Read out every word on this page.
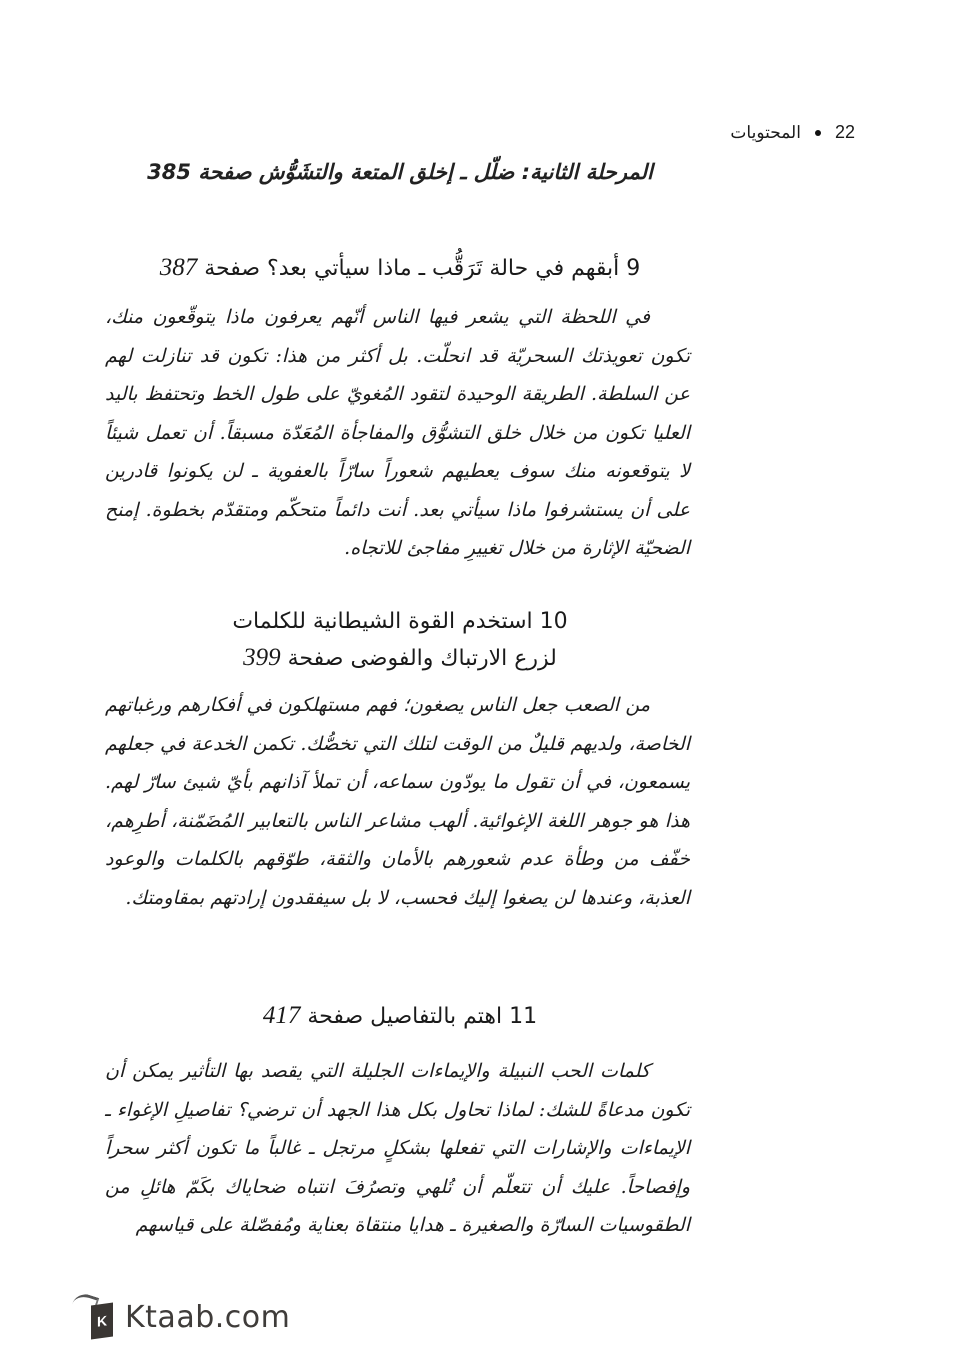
22
المحتويات
المرحلة الثانية: ضلّل ـ إخلق المتعة والتشَوُّش صفحة 385
9 أبقهم في حالة تَرَقُّب ـ ماذا سيأتي بعد؟ صفحة 387

في اللحظة التي يشعر فيها الناس أنّهم يعرفون ماذا يتوقّعون منك، تكون تعويذتك السحريّة قد انحلّت. بل أكثر من هذا: تكون قد تنازلت لهم عن السلطة. الطريقة الوحيدة لتقود المُغويّ على طول الخط وتحتفظ باليد العليا تكون من خلال خلق التشوُّق والمفاجأة المُعَدّة مسبقاً. أن تعمل شيئاً لا يتوقعونه منك سوف يعطيهم شعوراً سارّاً بالعفوية ـ لن يكونوا قادرين على أن يستشرفوا ماذا سيأتي بعد. أنت دائماً متحكّم ومتقدّم بخطوة. إمنح الضحيّة الإثارة من خلال تغييرِ مفاجئ للاتجاه.

10 استخدم القوة الشيطانية للكلمات
لزرع الارتباك والفوضى صفحة 399

من الصعب جعل الناس يصغون؛ فهم مستهلكون في أفكارهم ورغباتهم الخاصة، ولديهم قليلٌ من الوقت لتلك التي تخصُّك. تكمن الخدعة في جعلهم يسمعون، في أن تقول ما يودّون سماعه، أن تملأ آذانهم بأيّ شيئ سارّ لهم. هذا هو جوهر اللغة الإغوائية. ألهب مشاعر الناس بالتعابير المُضَمّنة، أطرِهم، خفّف من وطأة عدم شعورهم بالأمان والثقة، طوّقهم بالكلمات والوعود العذبة، وعندها لن يصغوا إليك فحسب، لا بل سيفقدون إرادتهم بمقاومتك.

11 اهتم بالتفاصيل صفحة 417

كلمات الحب النبيلة والإيماءات الجليلة التي يقصد بها التأثير يمكن أن تكون مدعاةً للشك: لماذا تحاول بكل هذا الجهد أن ترضي؟ تفاصيلِ الإغواء ـ الإيماءات والإشارات التي تفعلها بشكلٍ مرتجل ـ غالباً ما تكون أكثر سحراً وإفصاحاً. عليك أن تتعلّم أن تُلهي وتصرُفَ انتباه ضحاياك بكَمّ هائلِ من الطقوسيات السارّة والصغيرة ـ هدايا منتقاة بعناية ومُفصّلة على قياسهم

K Ktaab.com
